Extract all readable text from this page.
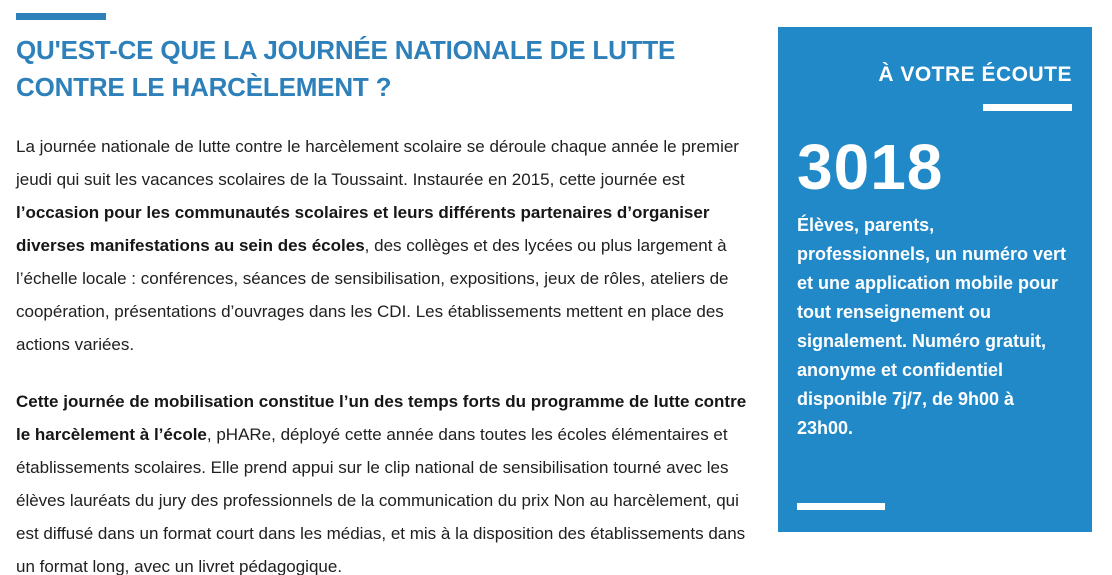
QU'EST-CE QUE LA JOURNÉE NATIONALE DE LUTTE CONTRE LE HARCÈLEMENT ?

La journée nationale de lutte contre le harcèlement scolaire se déroule chaque année le premier jeudi qui suit les vacances scolaires de la Toussaint. Instaurée en 2015, cette journée est l’occasion pour les communautés scolaires et leurs différents partenaires d’organiser diverses manifestations au sein des écoles, des collèges et des lycées ou plus largement à l’échelle locale : conférences, séances de sensibilisation, expositions, jeux de rôles, ateliers de coopération, présentations d’ouvrages dans les CDI. Les établissements mettent en place des actions variées.

Cette journée de mobilisation constitue l’un des temps forts du programme de lutte contre le harcèlement à l’école, pHARe, déployé cette année dans toutes les écoles élémentaires et établissements scolaires. Elle prend appui sur le clip national de sensibilisation tourné avec les élèves lauréats du jury des professionnels de la communication du prix Non au harcèlement, qui est diffusé dans un format court dans les médias, et mis à la disposition des établissements dans un format long, avec un livret pédagogique.

À VOTRE ÉCOUTE
3018
Élèves, parents, professionnels, un numéro vert et une application mobile pour tout renseignement ou signalement. Numéro gratuit, anonyme et confidentiel disponible 7j/7, de 9h00 à 23h00.
